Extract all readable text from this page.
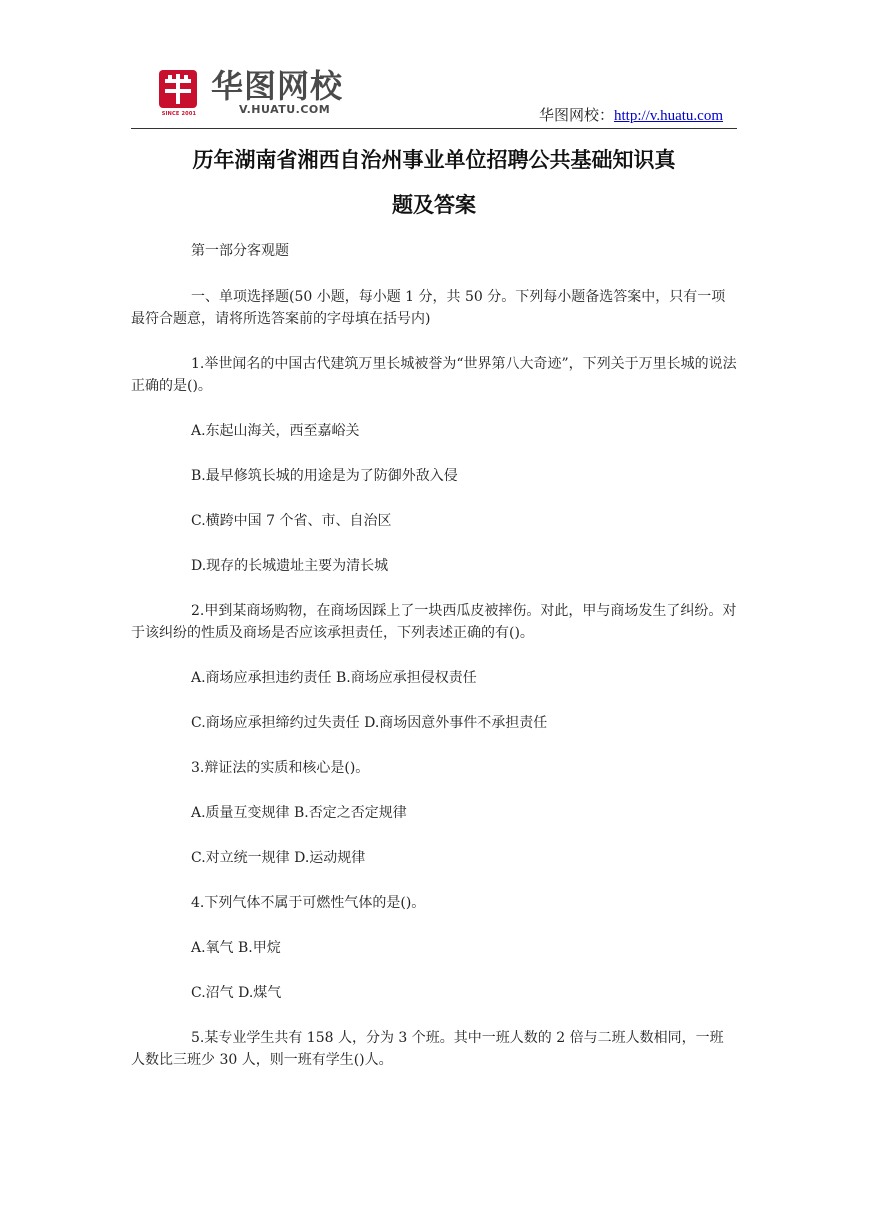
SINCE 2001
华图网校
V.HUATU.COM	华图网校：http://v.huatu.com
历年湖南省湘西自治州事业单位招聘公共基础知识真
题及答案

第一部分客观题

一、单项选择题(50 小题，每小题 1 分，共 50 分。下列每小题备选答案中，只有一项最符合题意，请将所选答案前的字母填在括号内)

1.举世闻名的中国古代建筑万里长城被誉为“世界第八大奇迹”，下列关于万里长城的说法正确的是()。

A.东起山海关，西至嘉峪关

B.最早修筑长城的用途是为了防御外敌入侵

C.横跨中国 7 个省、市、自治区

D.现存的长城遗址主要为清长城

2.甲到某商场购物，在商场因踩上了一块西瓜皮被摔伤。对此，甲与商场发生了纠纷。对于该纠纷的性质及商场是否应该承担责任，下列表述正确的有()。

A.商场应承担违约责任 B.商场应承担侵权责任

C.商场应承担缔约过失责任 D.商场因意外事件不承担责任

3.辩证法的实质和核心是()。

A.质量互变规律 B.否定之否定规律

C.对立统一规律 D.运动规律

4.下列气体不属于可燃性气体的是()。

A.氧气 B.甲烷

C.沼气 D.煤气

5.某专业学生共有 158 人，分为 3 个班。其中一班人数的 2 倍与二班人数相同，一班人数比三班少 30 人，则一班有学生()人。
